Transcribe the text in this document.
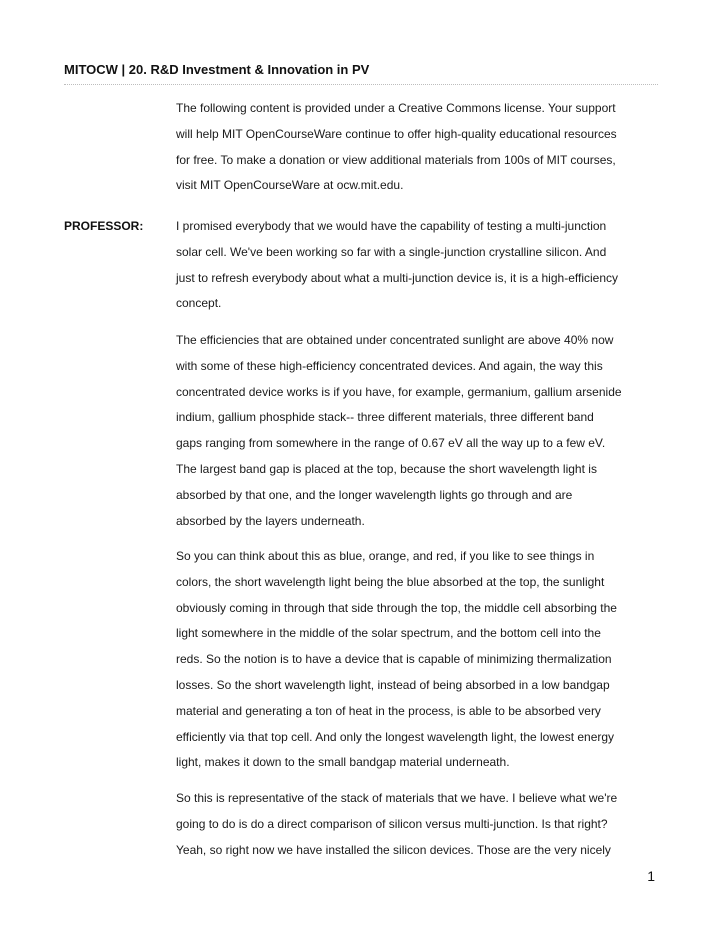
MITOCW | 20. R&D Investment & Innovation in PV
The following content is provided under a Creative Commons license. Your support
will help MIT OpenCourseWare continue to offer high-quality educational resources
for free. To make a donation or view additional materials from 100s of MIT courses,
visit MIT OpenCourseWare at ocw.mit.edu.
PROFESSOR:	I promised everybody that we would have the capability of testing a multi-junction
solar cell. We've been working so far with a single-junction crystalline silicon. And
just to refresh everybody about what a multi-junction device is, it is a high-efficiency
concept.
The efficiencies that are obtained under concentrated sunlight are above 40% now
with some of these high-efficiency concentrated devices. And again, the way this
concentrated device works is if you have, for example, germanium, gallium arsenide
indium, gallium phosphide stack-- three different materials, three different band
gaps ranging from somewhere in the range of 0.67 eV all the way up to a few eV.
The largest band gap is placed at the top, because the short wavelength light is
absorbed by that one, and the longer wavelength lights go through and are
absorbed by the layers underneath.
So you can think about this as blue, orange, and red, if you like to see things in
colors, the short wavelength light being the blue absorbed at the top, the sunlight
obviously coming in through that side through the top, the middle cell absorbing the
light somewhere in the middle of the solar spectrum, and the bottom cell into the
reds. So the notion is to have a device that is capable of minimizing thermalization
losses. So the short wavelength light, instead of being absorbed in a low bandgap
material and generating a ton of heat in the process, is able to be absorbed very
efficiently via that top cell. And only the longest wavelength light, the lowest energy
light, makes it down to the small bandgap material underneath.
So this is representative of the stack of materials that we have. I believe what we're
going to do is do a direct comparison of silicon versus multi-junction. Is that right?
Yeah, so right now we have installed the silicon devices. Those are the very nicely
1
